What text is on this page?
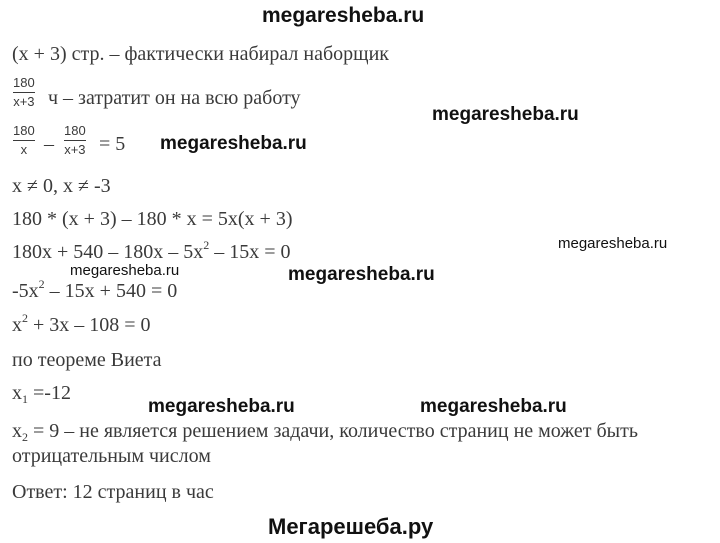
megaresheba.ru
megaresheba.ru
megaresheba.ru
megaresheba.ru
megaresheba.ru	megaresheba.ru
megaresheba.ru	megaresheba.ru
Мегарешеба.ру
(x + 3) стр. – фактически набирал наборщик
180
x+3 ч – затратит он на всю работу
180
x –
180
x+3 = 5
x ≠ 0, x ≠ -3
180 * (x + 3) – 180 * x = 5x(x + 3)
$180x + 540 - 180x - 5x^2 - 15x = 0$
$-5x^2 - 15x + 540 = 0$
$x^2 + 3x - 108 = 0$
по теореме Виета
$x_1 =-12$
$x_2 = 9$ – не является решением задачи, количество страниц не может быть
отрицательным числом
Ответ: 12 страниц в час
